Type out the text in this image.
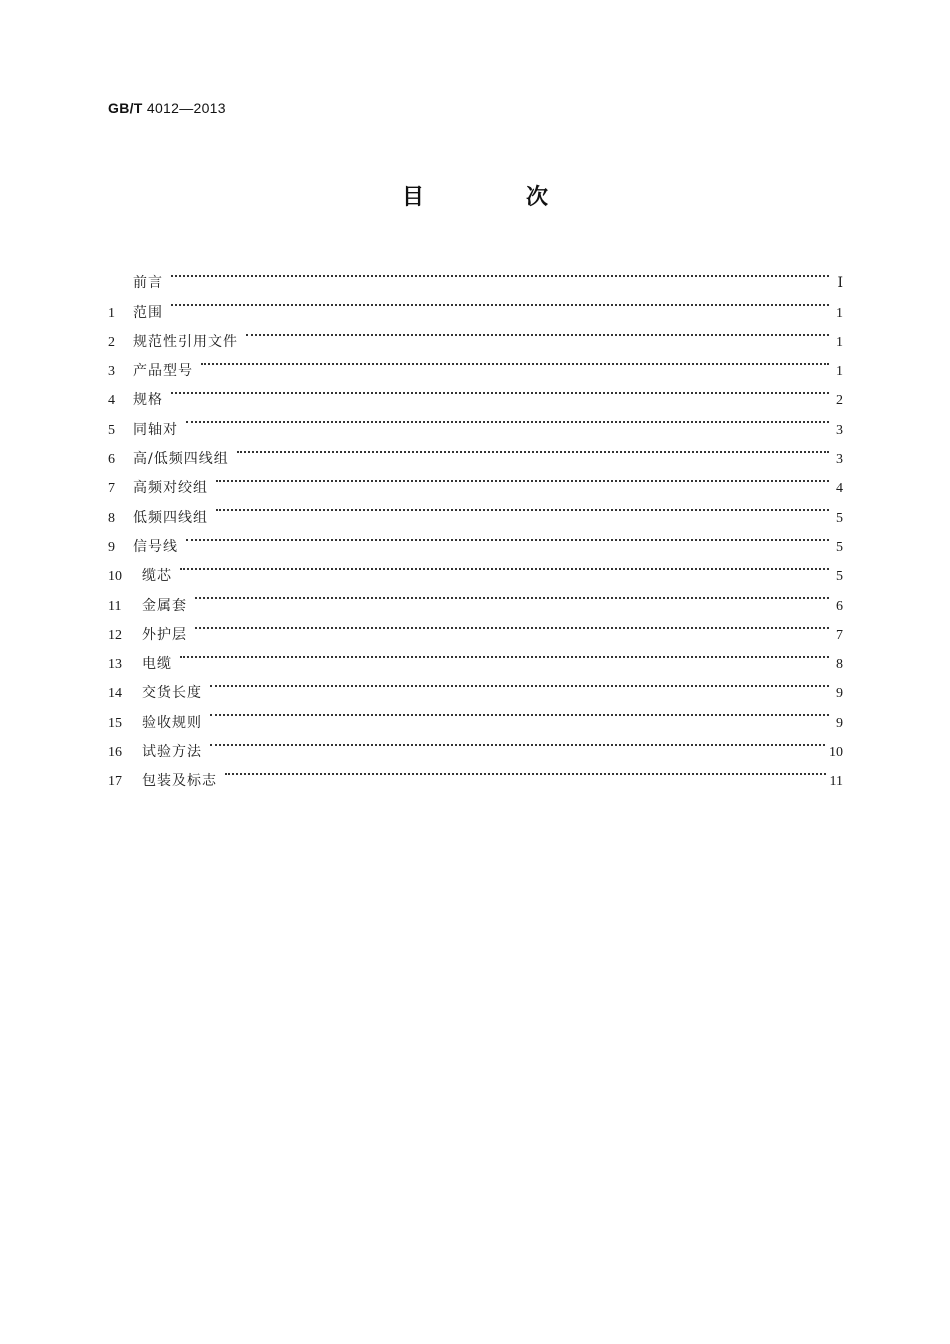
GB/T 4012—2013
目　次
前言	Ⅰ
1	范围	1
2	规范性引用文件	1
3	产品型号	1
4	规格	2
5	同轴对	3
6	高/低频四线组	3
7	高频对绞组	4
8	低频四线组	5
9	信号线	5
10	缆芯	5
11	金属套	6
12	外护层	7
13	电缆	8
14	交货长度	9
15	验收规则	9
16	试验方法	10
17	包装及标志	11
